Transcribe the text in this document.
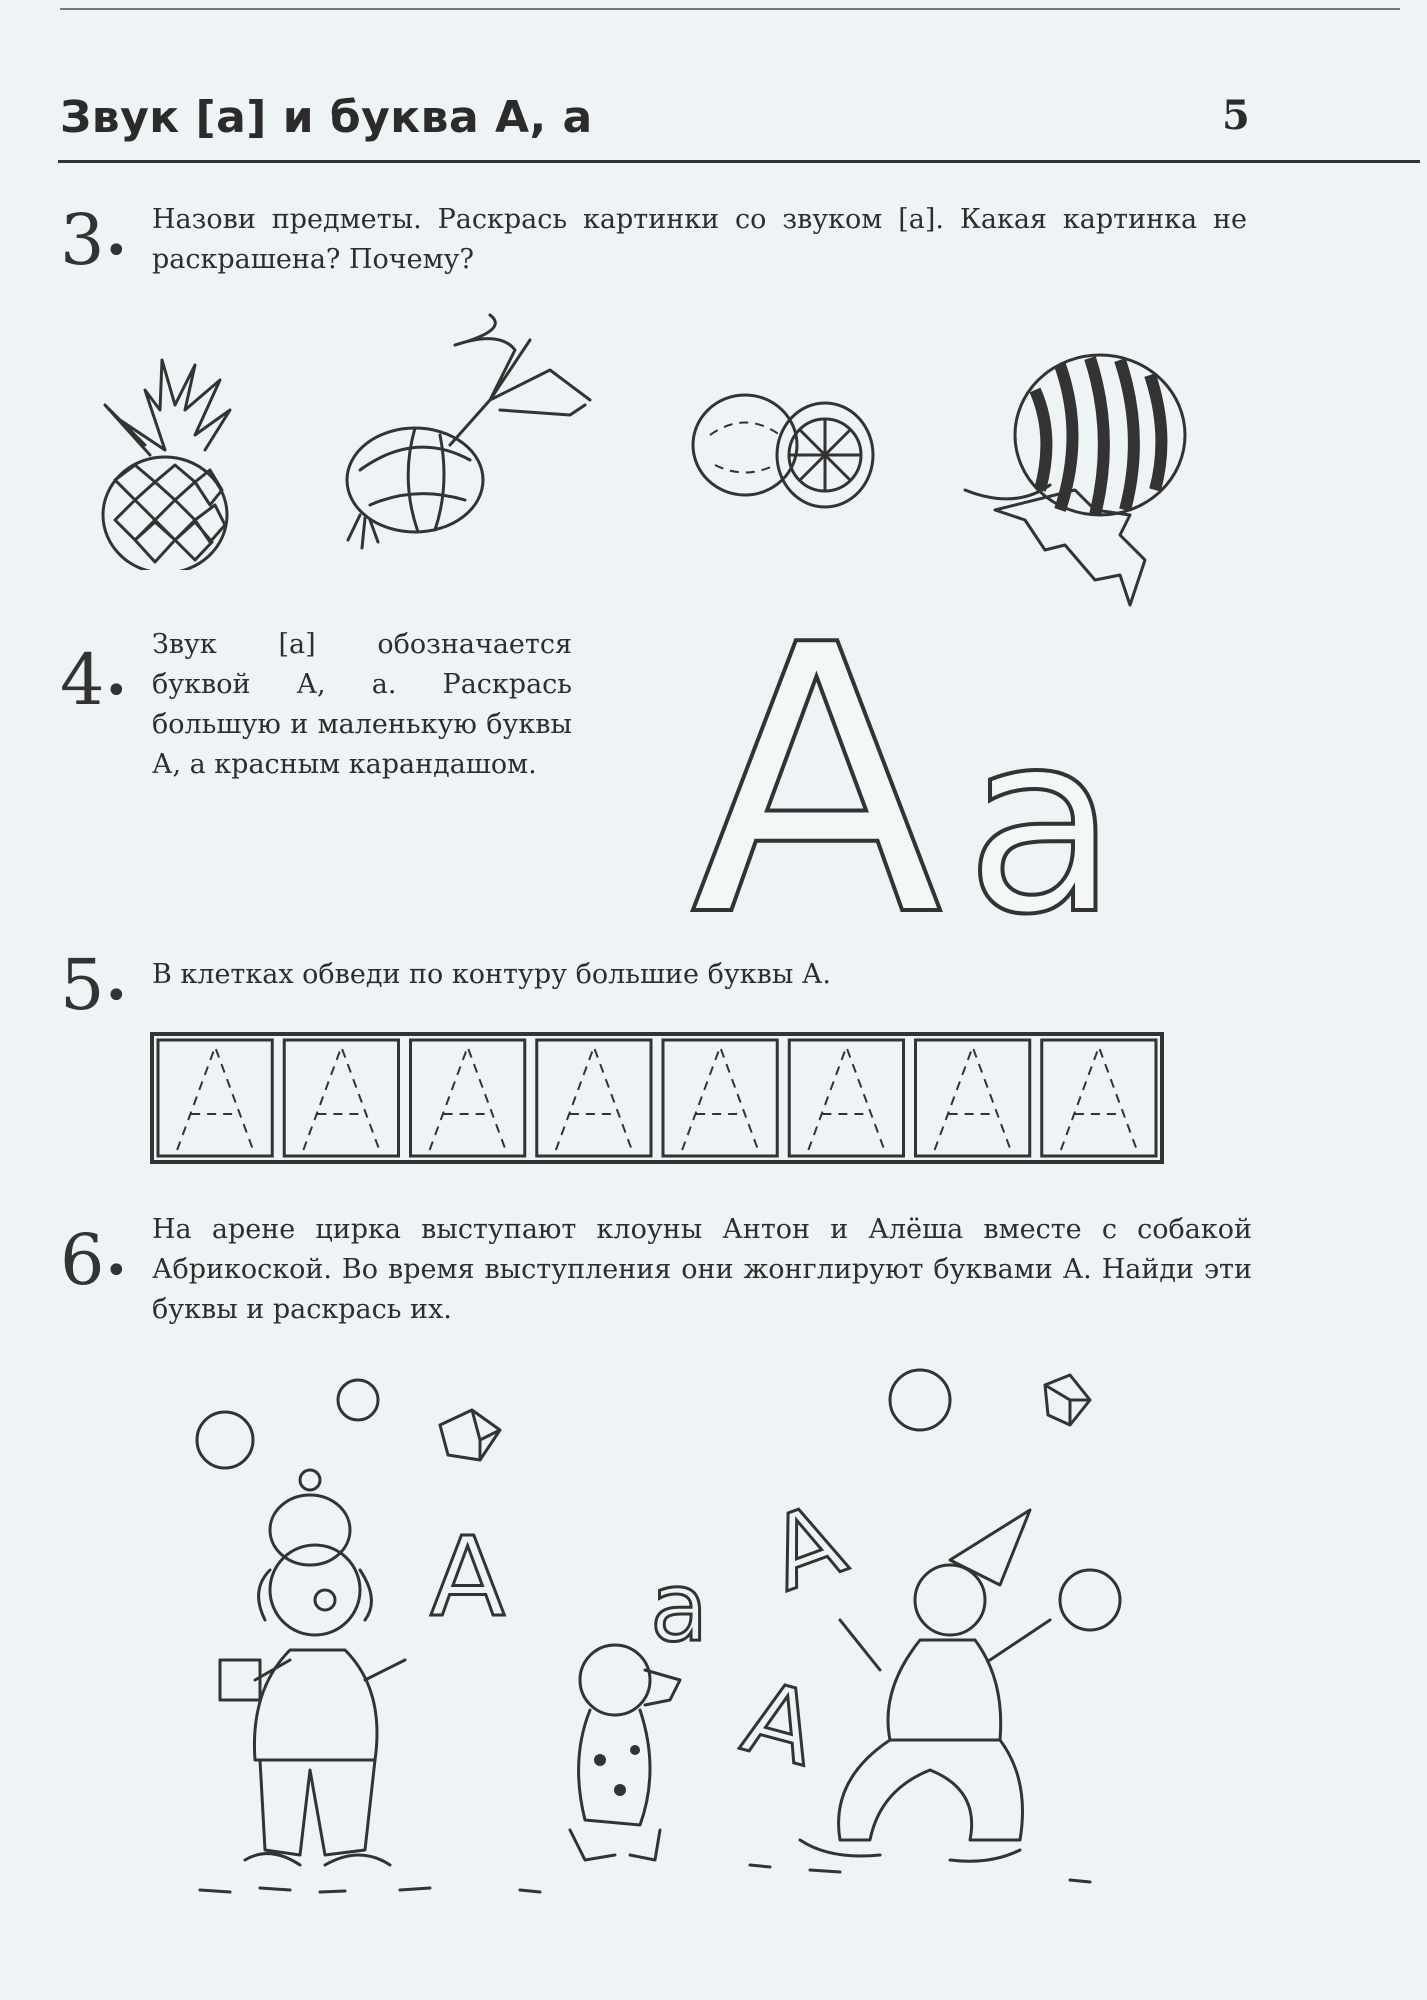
Звук [а] и буква А, а	5
3•
Назови предметы. Раскрась картинки со звуком [а]. Какая картинка не раскрашена? Почему?
4•
Звук [а] обозначается буквой А, а. Раскрась большую и маленькую буквы А, а красным карандашом. A a
5• В клетках обведи по контуру большие буквы А.
6•
На арене цирка выступают клоуны Антон и Алёша вместе с собакой Абрикоской. Во время выступления они жонглируют буквами А. Найди эти буквы и раскрась их.
A a A
A
